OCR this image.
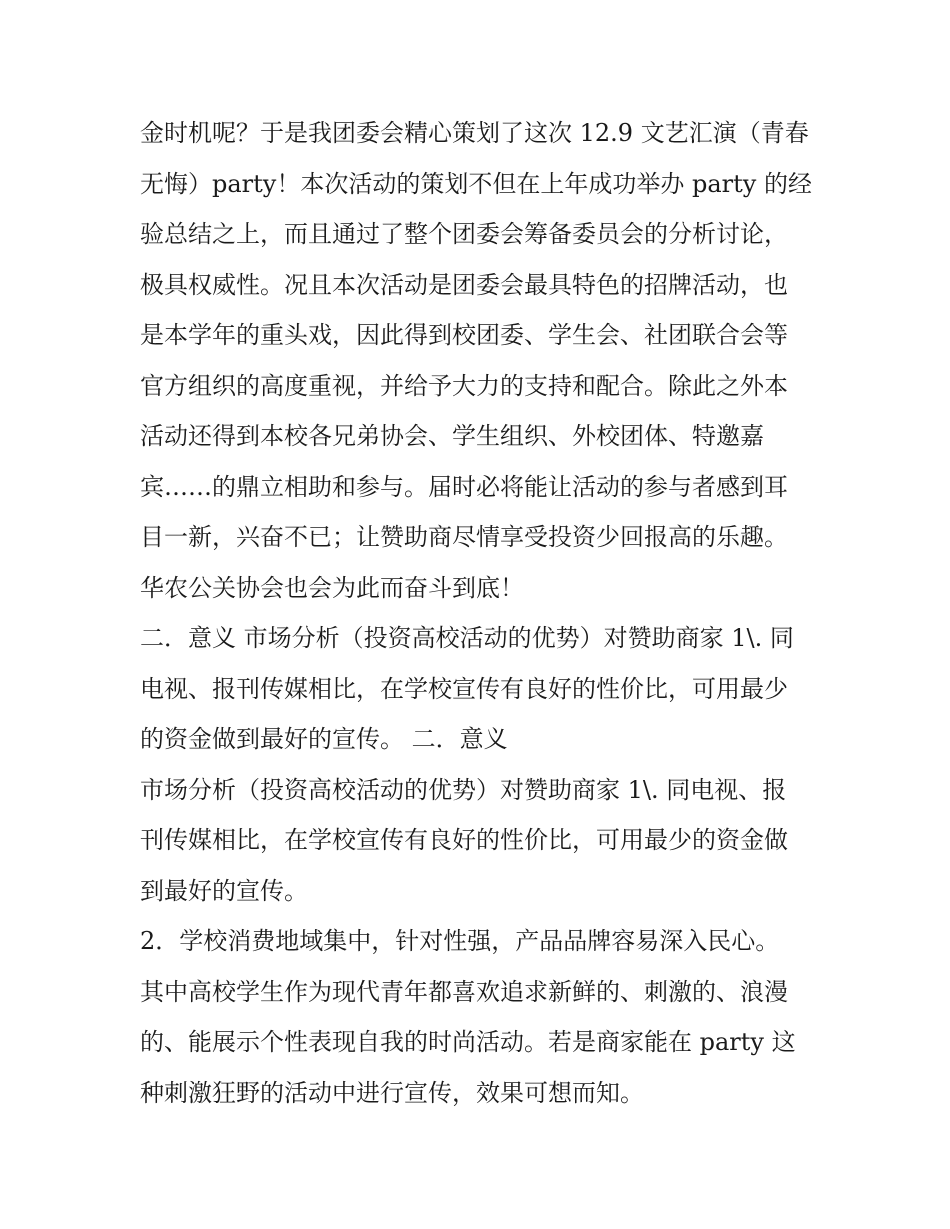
金时机呢？于是我团委会精心策划了这次 12.9 文艺汇演（青春
无悔）party！本次活动的策划不但在上年成功举办 party 的经
验总结之上，而且通过了整个团委会筹备委员会的分析讨论，
极具权威性。况且本次活动是团委会最具特色的招牌活动，也
是本学年的重头戏，因此得到校团委、学生会、社团联合会等
官方组织的高度重视，并给予大力的支持和配合。除此之外本
活动还得到本校各兄弟协会、学生组织、外校团体、特邀嘉
宾……的鼎立相助和参与。届时必将能让活动的参与者感到耳
目一新，兴奋不已；让赞助商尽情享受投资少回报高的乐趣。
华农公关协会也会为此而奋斗到底！
二．意义 市场分析（投资高校活动的优势）对赞助商家 1\. 同
电视、报刊传媒相比，在学校宣传有良好的性价比，可用最少
的资金做到最好的宣传。 二．意义
市场分析（投资高校活动的优势）对赞助商家 1\. 同电视、报
刊传媒相比，在学校宣传有良好的性价比，可用最少的资金做
到最好的宣传。
2．学校消费地域集中，针对性强，产品品牌容易深入民心。
其中高校学生作为现代青年都喜欢追求新鲜的、刺激的、浪漫
的、能展示个性表现自我的时尚活动。若是商家能在 party 这
种刺激狂野的活动中进行宣传，效果可想而知。
